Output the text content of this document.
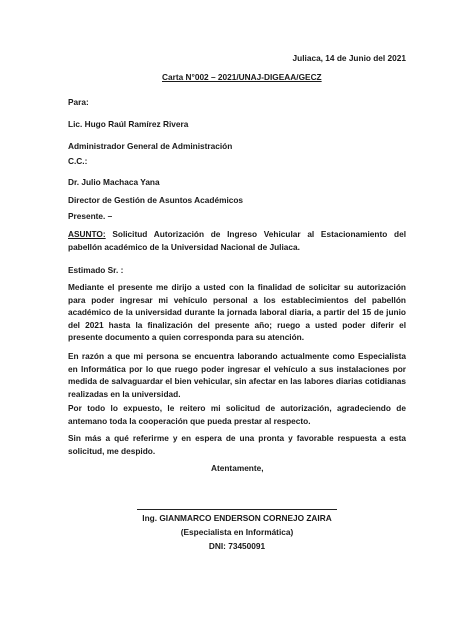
Juliaca, 14 de Junio del 2021
Carta N°002 – 2021/UNAJ-DIGEAA/GECZ
Para:
Lic. Hugo Raúl Ramírez Rivera
Administrador General de Administración
C.C.:
Dr. Julio Machaca Yana
Director de Gestión de Asuntos Académicos
Presente. –
ASUNTO: Solicitud Autorización de Ingreso Vehicular al Estacionamiento del pabellón académico de la Universidad Nacional de Juliaca.
Estimado Sr. :
Mediante el presente me dirijo a usted con la finalidad de solicitar su autorización para poder ingresar mi vehículo personal a los establecimientos del pabellón académico de la universidad durante la jornada laboral diaria, a partir del 15 de junio del 2021 hasta la finalización del presente año; ruego a usted poder diferir el presente documento a quien corresponda para su atención.
En razón a que mi persona se encuentra laborando actualmente como Especialista en Informática por lo que ruego poder ingresar el vehículo a sus instalaciones por medida de salvaguardar el bien vehicular, sin afectar en las labores diarias cotidianas realizadas en la universidad.
Por todo lo expuesto, le reitero mi solicitud de autorización, agradeciendo de antemano toda la cooperación que pueda prestar al respecto.
Sin más a qué referirme y en espera de una pronta y favorable respuesta a esta solicitud, me despido.
Atentamente,
Ing. GIANMARCO ENDERSON CORNEJO ZAIRA
(Especialista en Informática)
DNI: 73450091
